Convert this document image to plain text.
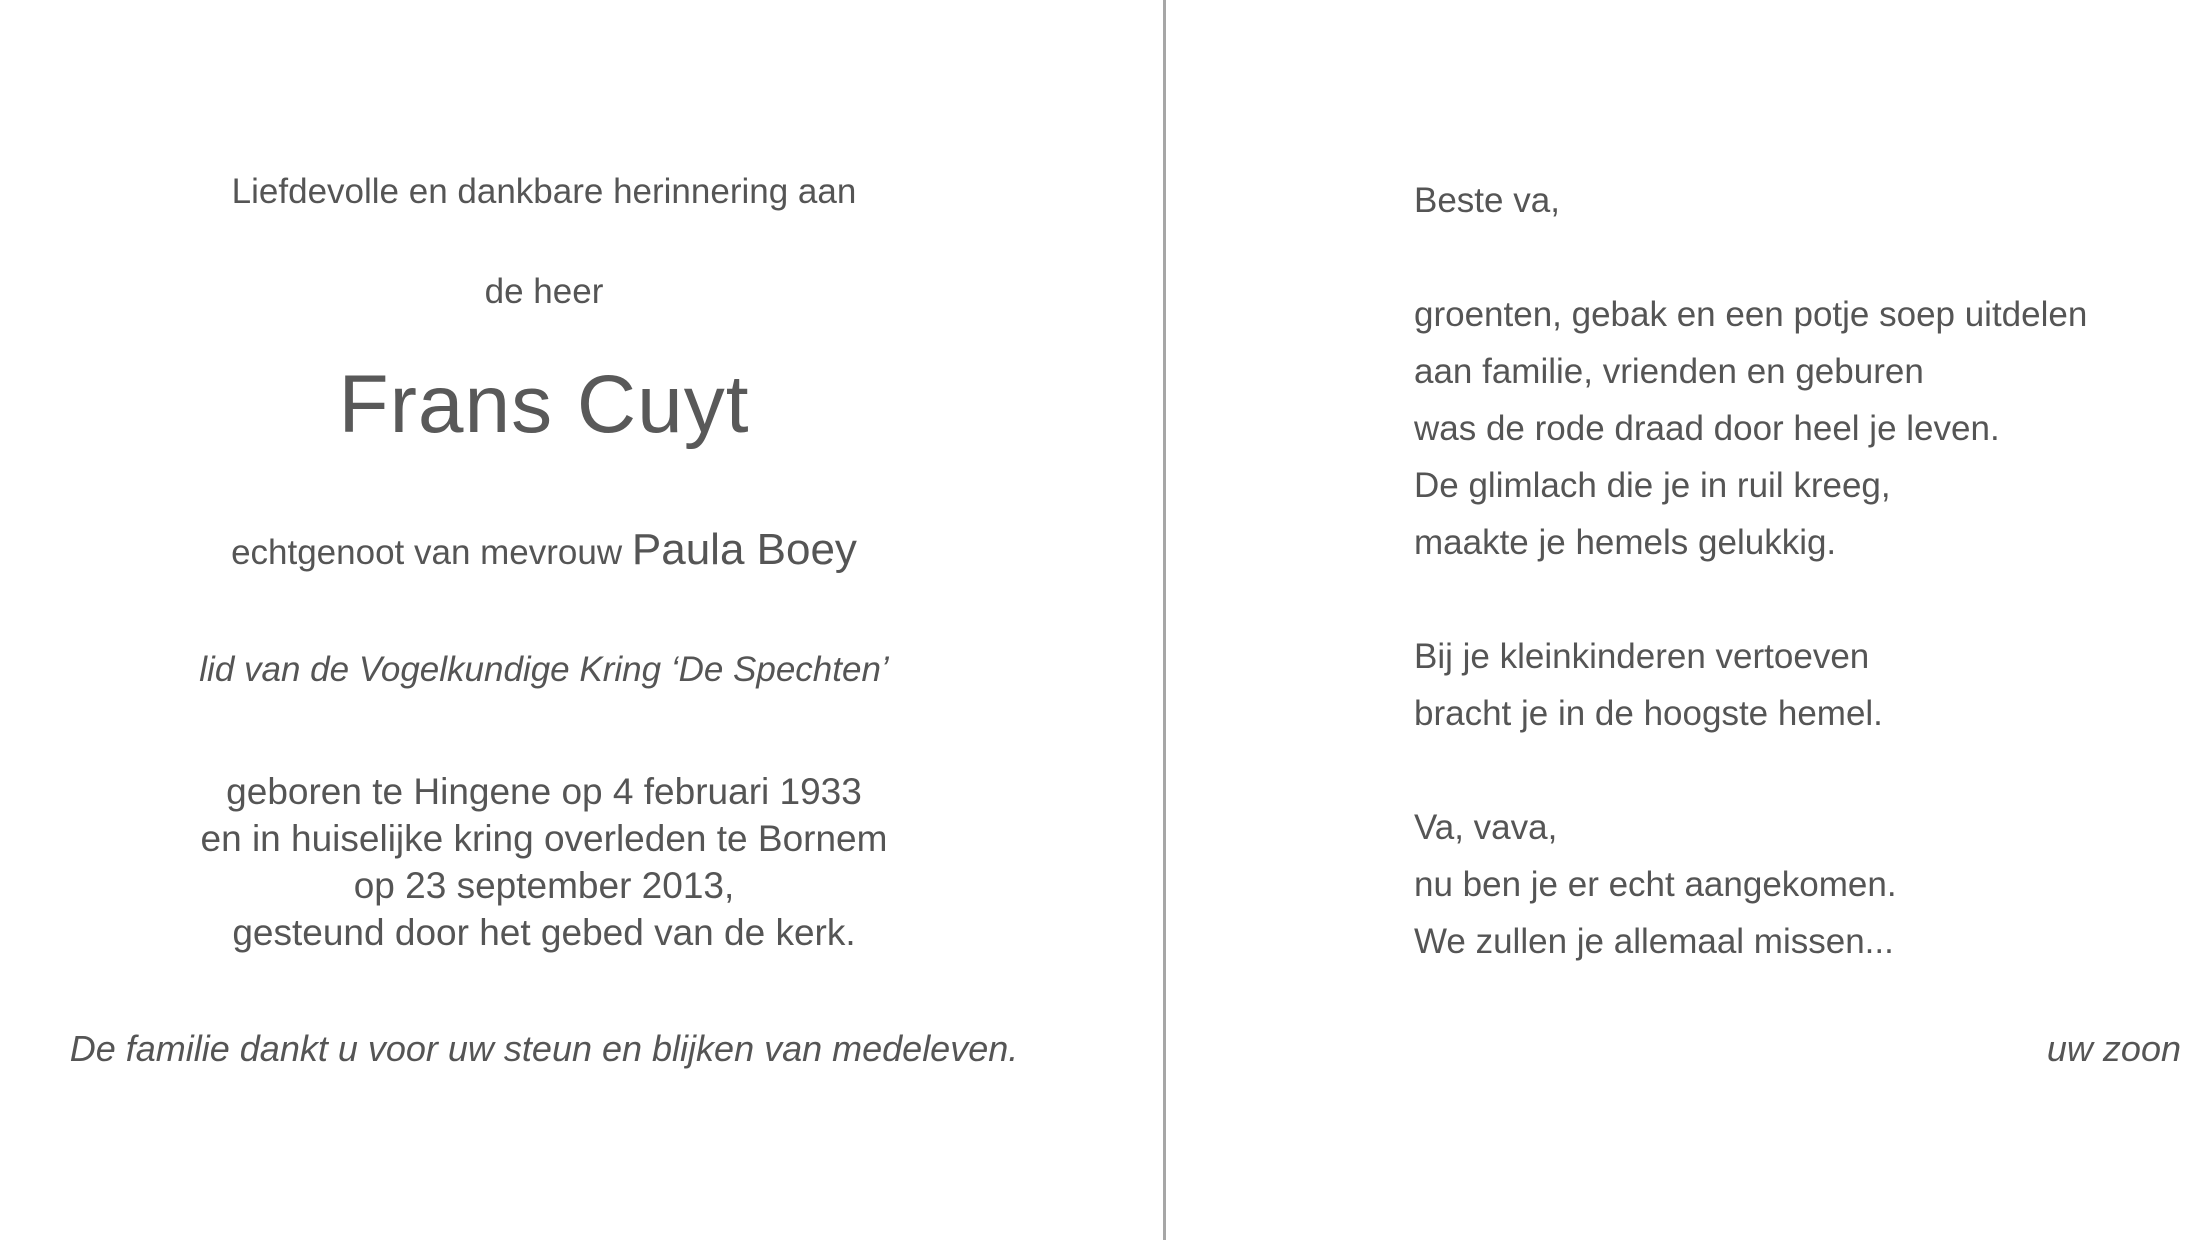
Liefdevolle en dankbare herinnering aan
de heer
Frans Cuyt
echtgenoot van mevrouw Paula Boey
lid van de Vogelkundige Kring ‘De Spechten’
geboren te Hingene op 4 februari 1933
en in huiselijke kring overleden te Bornem
op 23 september 2013,
gesteund door het gebed van de kerk.
De familie dankt u voor uw steun en blijken van medeleven.
Beste va,
groenten, gebak en een potje soep uitdelen
aan familie, vrienden en geburen
was de rode draad door heel je leven.
De glimlach die je in ruil kreeg,
maakte je hemels gelukkig.
Bij je kleinkinderen vertoeven
bracht je in de hoogste hemel.
Va, vava,
nu ben je er echt aangekomen.
We zullen je allemaal missen...
uw zoon
